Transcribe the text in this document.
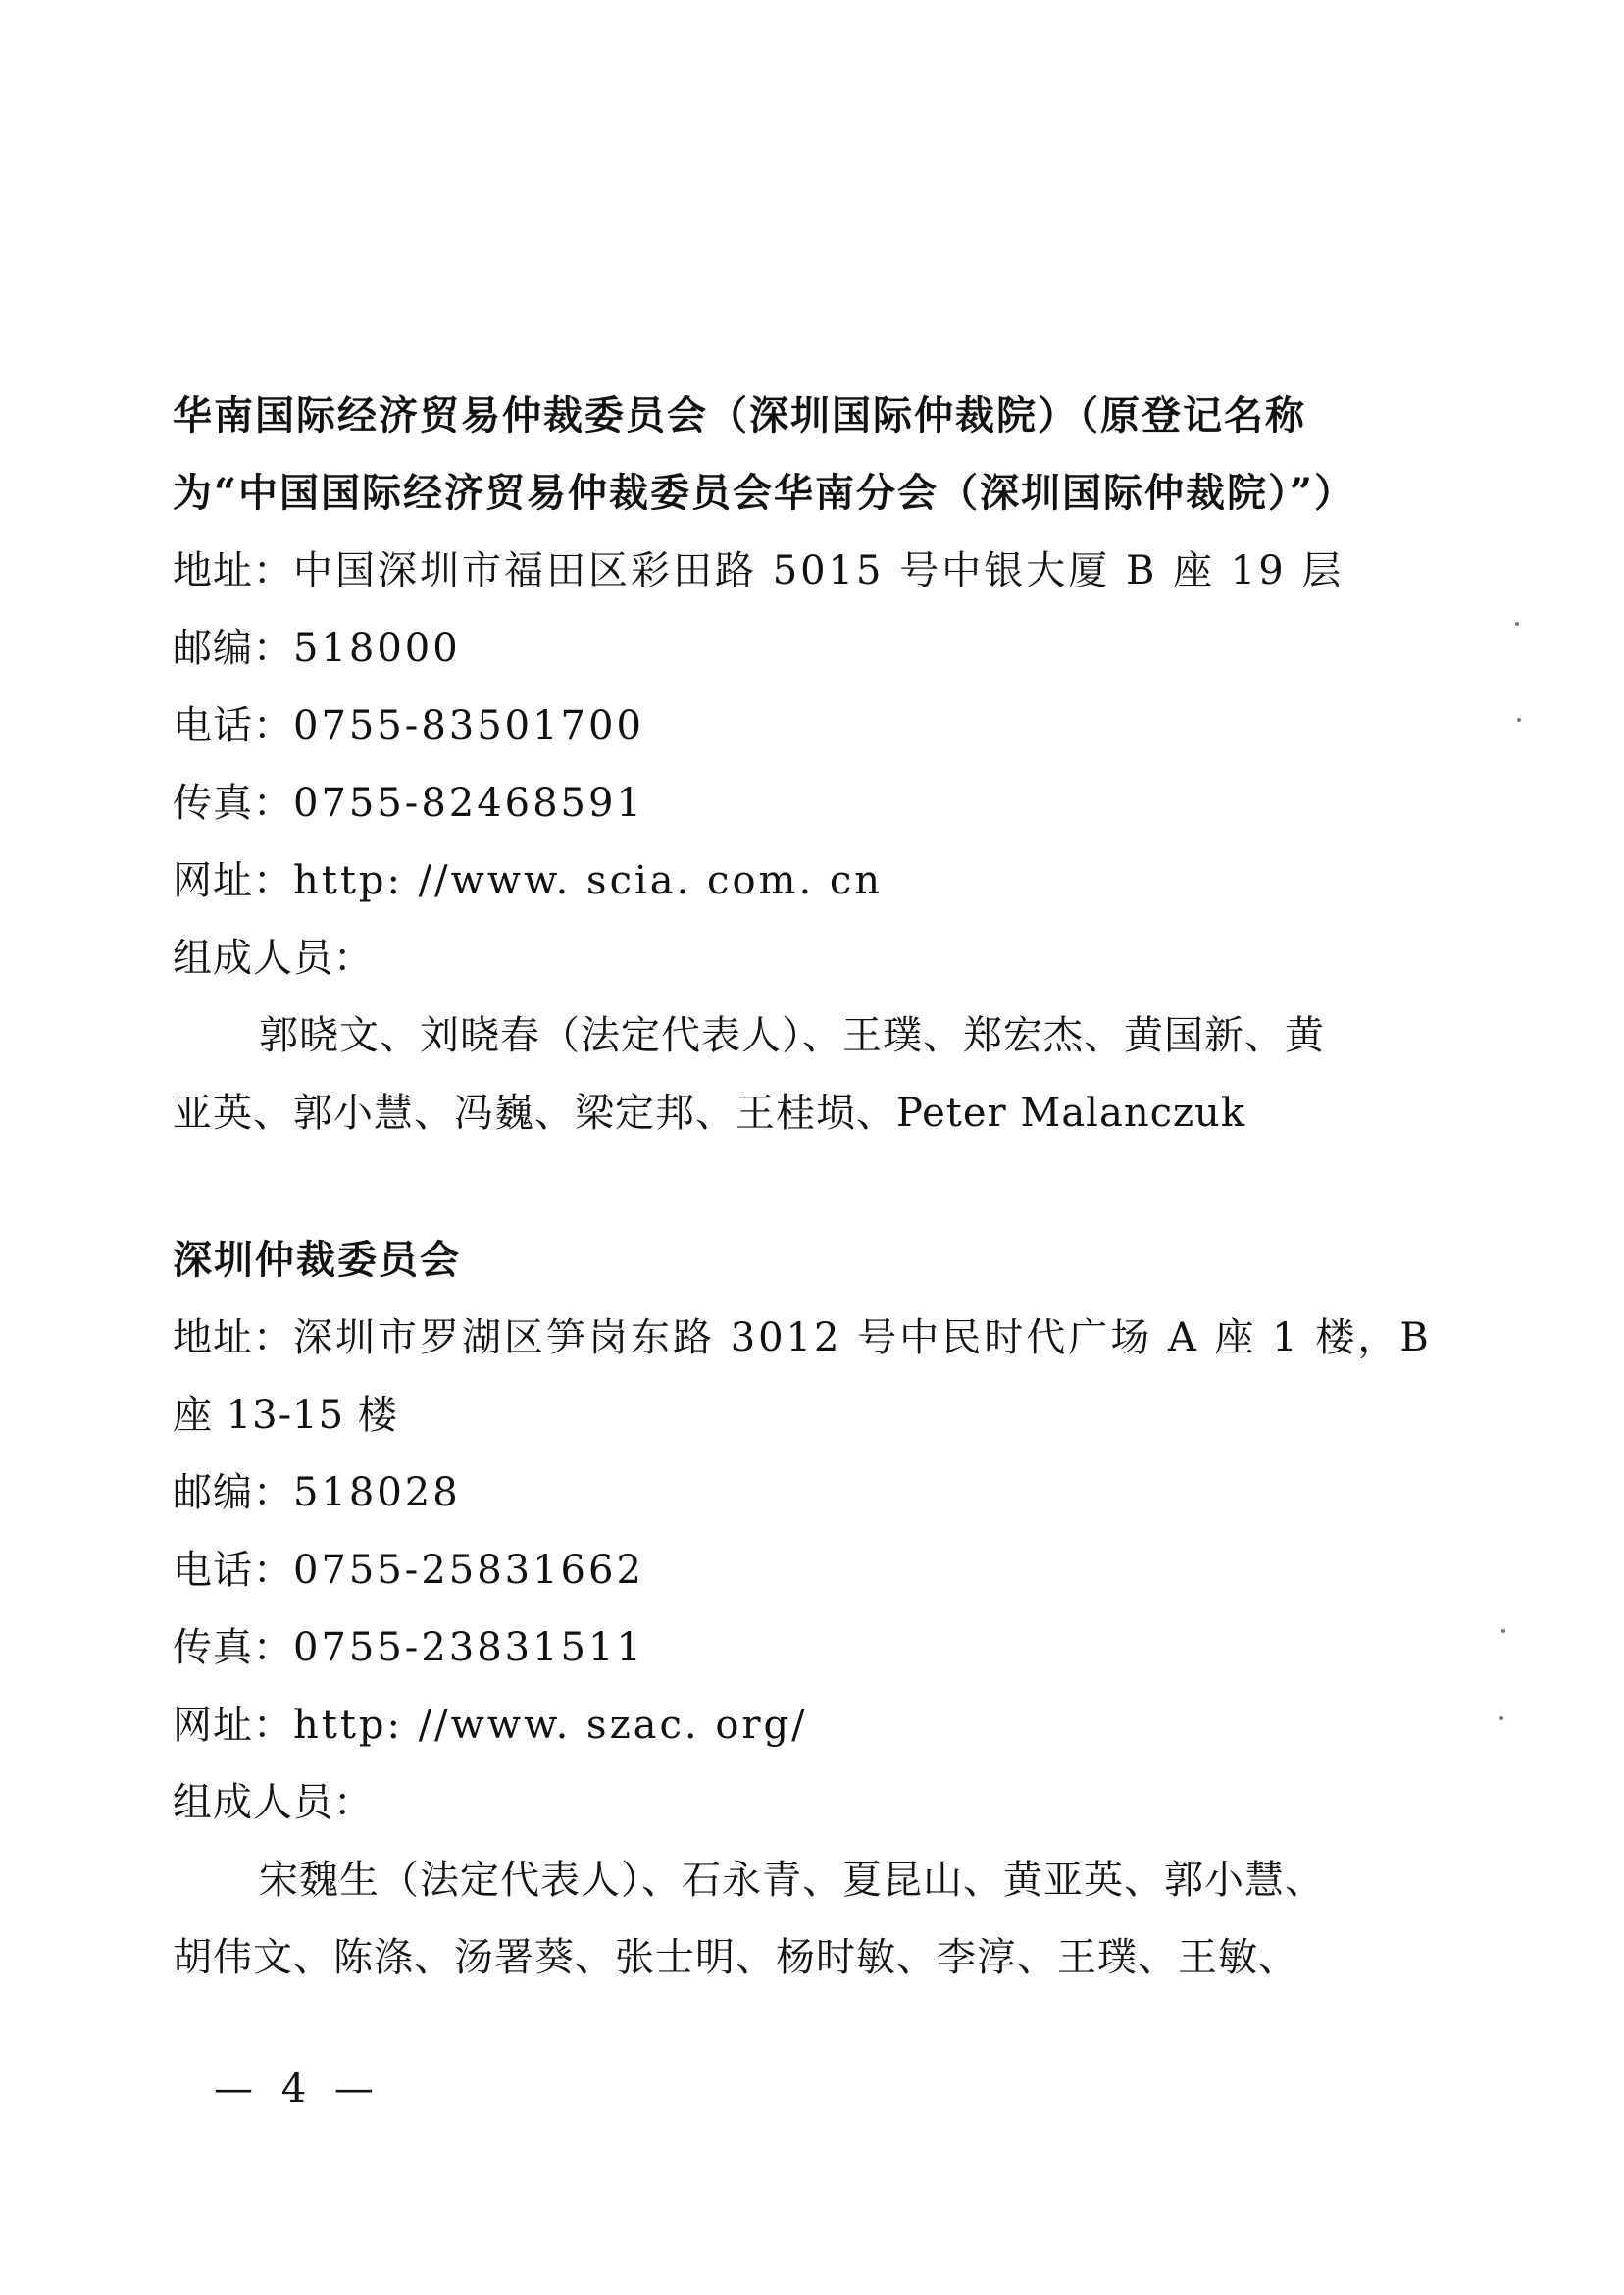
华南国际经济贸易仲裁委员会（深圳国际仲裁院）（原登记名称
为“中国国际经济贸易仲裁委员会华南分会（深圳国际仲裁院）”）
地址：中国深圳市福田区彩田路 5015 号中银大厦 B 座 19 层
邮编：518000
电话：0755-83501700
传真：0755-82468591
网址：http: //www. scia. com. cn
组成人员：
郭晓文、刘晓春（法定代表人）、王璞、郑宏杰、黄国新、黄
亚英、郭小慧、冯巍、梁定邦、王桂埙、Peter Malanczuk
深圳仲裁委员会
地址：深圳市罗湖区笋岗东路 3012 号中民时代广场 A 座 1 楼，B
座 13-15 楼
邮编：518028
电话：0755-25831662
传真：0755-23831511
网址：http: //www. szac. org/
组成人员：
宋魏生（法定代表人）、石永青、夏昆山、黄亚英、郭小慧、
胡伟文、陈涤、汤署葵、张士明、杨时敏、李淳、王璞、王敏、
— 4 —
